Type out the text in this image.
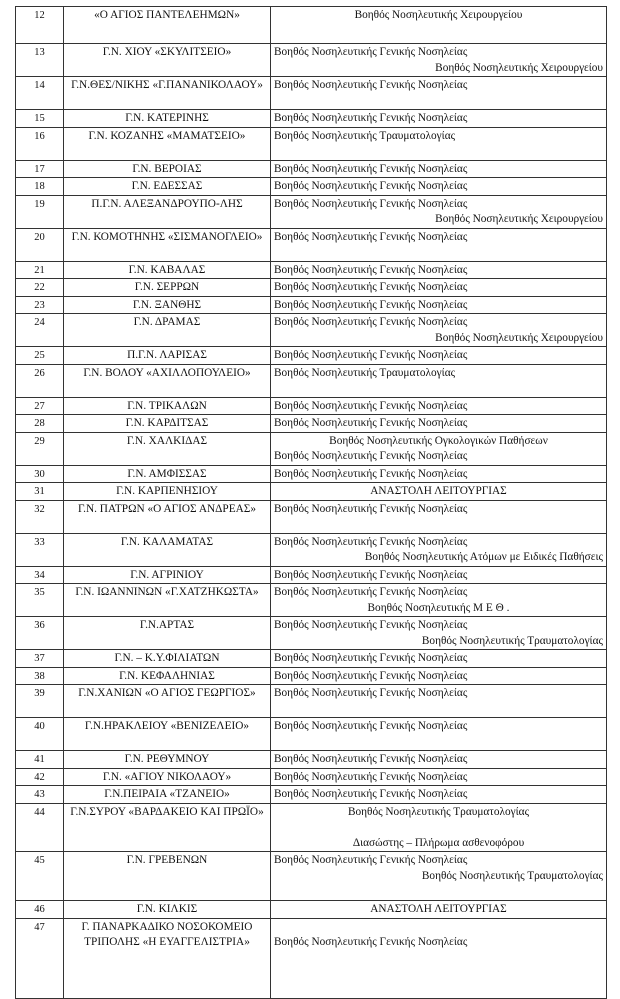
12	«Ο ΑΓΙΟΣ ΠΑΝΤΕΛΕΗΜΩΝ»	Βοηθός Νοσηλευτικής Χειρουργείου

13	Γ.Ν. ΧΙΟΥ «ΣΚΥΛΙΤΣΕΙΟ»	Βοηθός Νοσηλευτικής Γενικής Νοσηλείας
Βοηθός Νοσηλευτικής Χειρουργείου

14	Γ.Ν.ΘΕΣ/ΝΙΚΗΣ «Γ.ΠΑΝΑΝΙΚΟΛΑΟΥ»	Βοηθός Νοσηλευτικής Γενικής Νοσηλείας

15	Γ.Ν. ΚΑΤΕΡΙΝΗΣ	Βοηθός Νοσηλευτικής Γενικής Νοσηλείας

16	Γ.Ν. ΚΟΖΑΝΗΣ «ΜΑΜΑΤΣΕΙΟ»	Βοηθός Νοσηλευτικής Τραυματολογίας

17	Γ.Ν. ΒΕΡΟΙΑΣ	Βοηθός Νοσηλευτικής Γενικής Νοσηλείας

18	Γ.Ν. ΕΔΕΣΣΑΣ	Βοηθός Νοσηλευτικής Γενικής Νοσηλείας

19	Π.Γ.Ν. ΑΛΕΞΑΝΔΡΟΥΠΟ-ΛΗΣ	Βοηθός Νοσηλευτικής Γενικής Νοσηλείας
Βοηθός Νοσηλευτικής Χειρουργείου

20	Γ.Ν. ΚΟΜΟΤΗΝΗΣ «ΣΙΣΜΑΝΟΓΛΕΙΟ»	Βοηθός Νοσηλευτικής Γενικής Νοσηλείας

21	Γ.Ν. ΚΑΒΑΛΑΣ	Βοηθός Νοσηλευτικής Γενικής Νοσηλείας

22	Γ.Ν. ΣΕΡΡΩΝ	Βοηθός Νοσηλευτικής Γενικής Νοσηλείας

23	Γ.Ν. ΞΑΝΘΗΣ	Βοηθός Νοσηλευτικής Γενικής Νοσηλείας

24	Γ.Ν. ΔΡΑΜΑΣ	Βοηθός Νοσηλευτικής Γενικής Νοσηλείας
Βοηθός Νοσηλευτικής Χειρουργείου

25	Π.Γ.Ν. ΛΑΡΙΣΑΣ	Βοηθός Νοσηλευτικής Γενικής Νοσηλείας

26	Γ.Ν. ΒΟΛΟΥ «ΑΧΙΛΛΟΠΟΥΛΕΙΟ»	Βοηθός Νοσηλευτικής Τραυματολογίας

27	Γ.Ν. ΤΡΙΚΑΛΩΝ	Βοηθός Νοσηλευτικής Γενικής Νοσηλείας

28	Γ.Ν. ΚΑΡΔΙΤΣΑΣ	Βοηθός Νοσηλευτικής Γενικής Νοσηλείας

29	Γ.Ν. ΧΑΛΚΙΔΑΣ	Βοηθός Νοσηλευτικής Ογκολογικών Παθήσεων
Βοηθός Νοσηλευτικής Γενικής Νοσηλείας

30	Γ.Ν. ΑΜΦΙΣΣΑΣ	Βοηθός Νοσηλευτικής Γενικής Νοσηλείας

31	Γ.Ν. ΚΑΡΠΕΝΗΣΙΟΥ	ΑΝΑΣΤΟΛΗ ΛΕΙΤΟΥΡΓΙΑΣ

32	Γ.Ν. ΠΑΤΡΩΝ «Ο ΑΓΙΟΣ ΑΝΔΡΕΑΣ»	Βοηθός Νοσηλευτικής Γενικής Νοσηλείας

33	Γ.Ν. ΚΑΛΑΜΑΤΑΣ	Βοηθός Νοσηλευτικής Γενικής Νοσηλείας
Βοηθός Νοσηλευτικής Ατόμων με Ειδικές Παθήσεις

34	Γ.Ν. ΑΓΡΙΝΙΟΥ	Βοηθός Νοσηλευτικής Γενικής Νοσηλείας

35	Γ.Ν. ΙΩΑΝΝΙΝΩΝ «Γ.ΧΑΤΖΗΚΩΣΤΑ»	Βοηθός Νοσηλευτικής Γενικής Νοσηλείας
Βοηθός Νοσηλευτικής Μ Ε Θ .

36	Γ.Ν.ΑΡΤΑΣ	Βοηθός Νοσηλευτικής Γενικής Νοσηλείας
Βοηθός Νοσηλευτικής Τραυματολογίας

37	Γ.Ν. – Κ.Υ.ΦΙΛΙΑΤΩΝ	Βοηθός Νοσηλευτικής Γενικής Νοσηλείας

38	Γ.Ν. ΚΕΦΑΛΗΝΙΑΣ	Βοηθός Νοσηλευτικής Γενικής Νοσηλείας

39	Γ.Ν.ΧΑΝΙΩΝ «Ο ΑΓΙΟΣ ΓΕΩΡΓΙΟΣ»	Βοηθός Νοσηλευτικής Γενικής Νοσηλείας

40	Γ.Ν.ΗΡΑΚΛΕΙΟΥ «ΒΕΝΙΖΕΛΕΙΟ»	Βοηθός Νοσηλευτικής Γενικής Νοσηλείας

41	Γ.Ν. ΡΕΘΥΜΝΟΥ	Βοηθός Νοσηλευτικής Γενικής Νοσηλείας

42	Γ.Ν. «ΑΓΙΟΥ ΝΙΚΟΛΑΟΥ»	Βοηθός Νοσηλευτικής Γενικής Νοσηλείας

43	Γ.Ν.ΠΕΙΡΑΙΑ «ΤΖΑΝΕΙΟ»	Βοηθός Νοσηλευτικής Γενικής Νοσηλείας

44	Γ.Ν.ΣΥΡΟΥ «ΒΑΡΔΑΚΕΙΟ ΚΑΙ ΠΡΩΪΟ»	Βοηθός Νοσηλευτικής Τραυματολογίας
Διασώστης – Πλήρωμα ασθενοφόρου

45	Γ.Ν. ΓΡΕΒΕΝΩΝ	Βοηθός Νοσηλευτικής Γενικής Νοσηλείας
Βοηθός Νοσηλευτικής Τραυματολογίας

46	Γ.Ν. ΚΙΛΚΙΣ	ΑΝΑΣΤΟΛΗ ΛΕΙΤΟΥΡΓΙΑΣ

47	Γ. ΠΑΝΑΡΚΑΔΙΚΟ ΝΟΣΟΚΟΜΕΙΟ ΤΡΙΠΟΛΗΣ «Η ΕΥΑΓΓΕΛΙΣΤΡΙΑ»	Βοηθός Νοσηλευτικής Γενικής Νοσηλείας
